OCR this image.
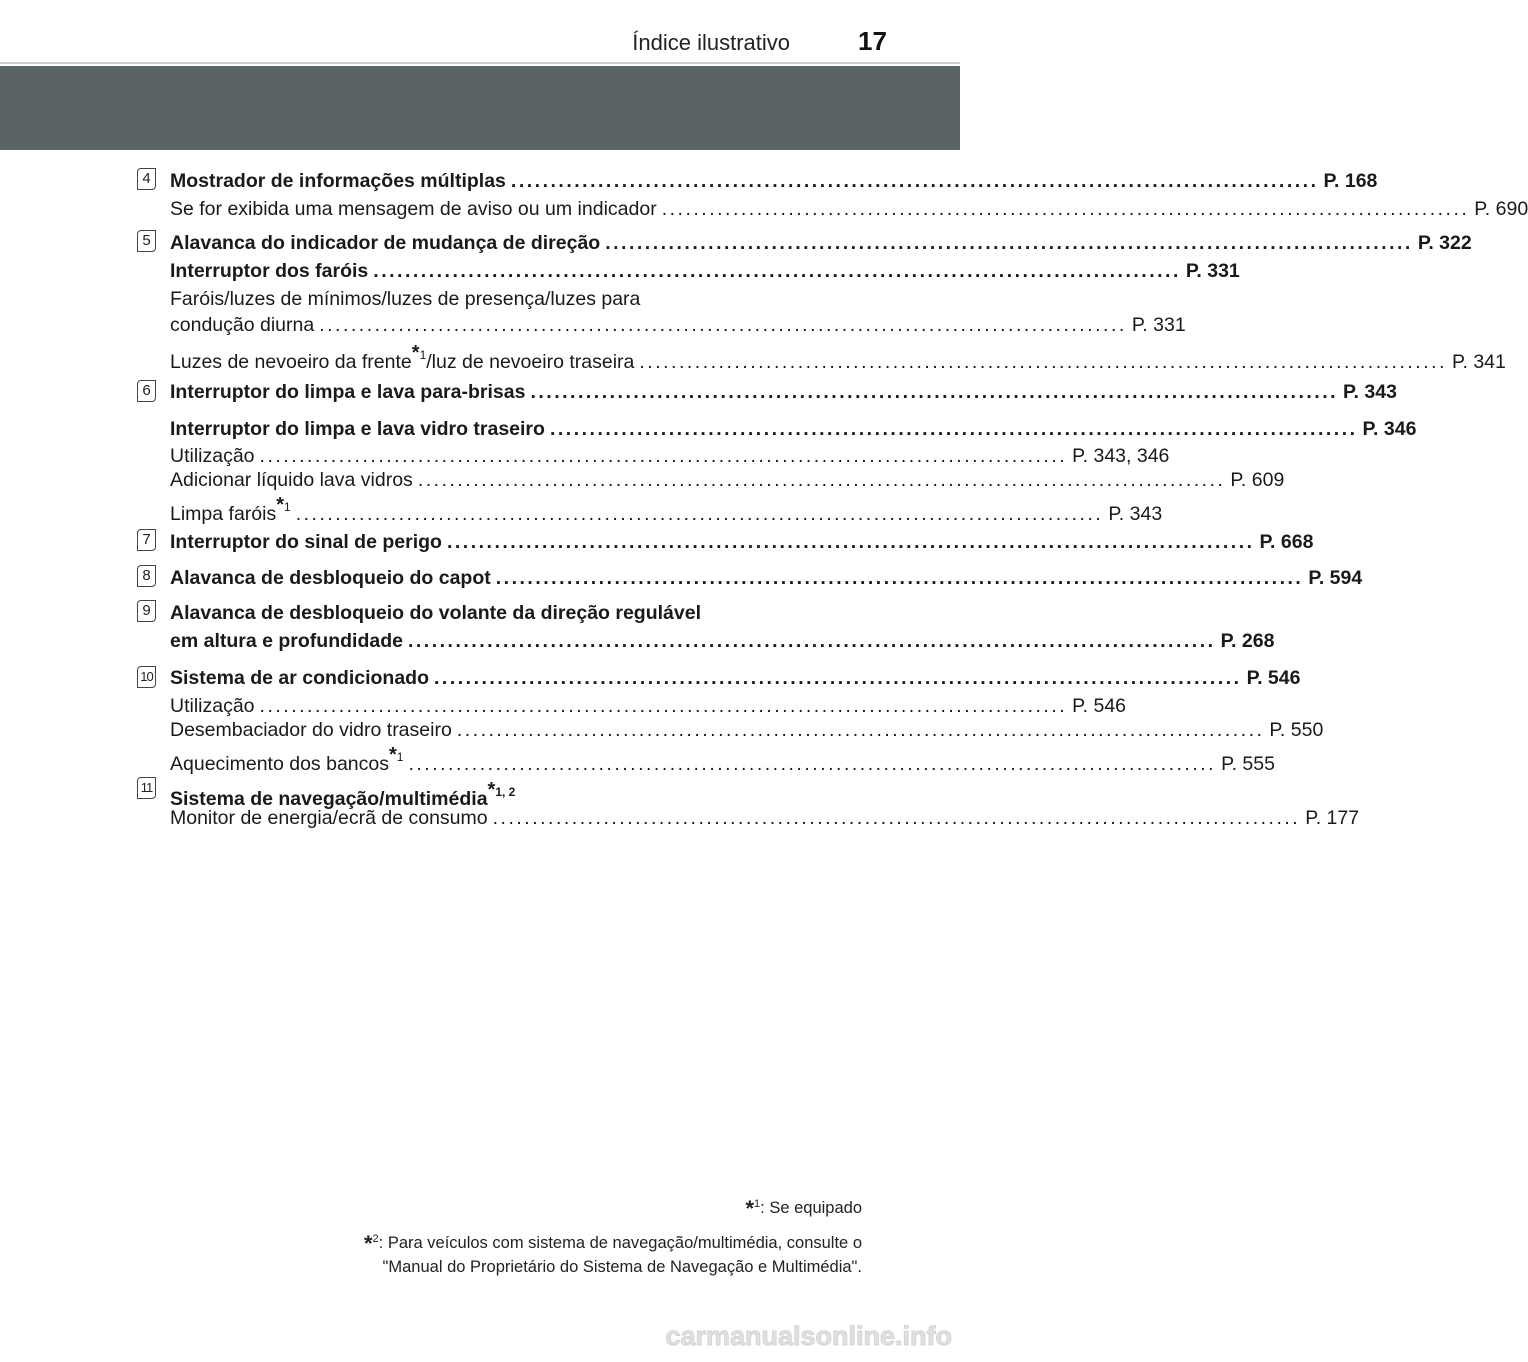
Índice ilustrativo	17
4 Mostrador de informações múltiplas ...................................................................................................... P. 168
Se for exibida uma mensagem de aviso ou um indicador ...................................................................................................... P. 690
5 Alavanca do indicador de mudança de direção ...................................................................................................... P. 322
Interruptor dos faróis ...................................................................................................... P. 331
Faróis/luzes de mínimos/luzes de presença/luzes para
condução diurna ...................................................................................................... P. 331
Luzes de nevoeiro da frente$^{*1}$/luz de nevoeiro traseira ...................................................................................................... P. 341
6 Interruptor do limpa e lava para-brisas ...................................................................................................... P. 343
Interruptor do limpa e lava vidro traseiro ...................................................................................................... P. 346
Utilização ...................................................................................................... P. 343, 346
Adicionar líquido lava vidros ...................................................................................................... P. 609
Limpa faróis$^{*1}$ ...................................................................................................... P. 343
7 Interruptor do sinal de perigo ...................................................................................................... P. 668
8 Alavanca de desbloqueio do capot ...................................................................................................... P. 594
9 Alavanca de desbloqueio do volante da direção regulável
em altura e profundidade ...................................................................................................... P. 268
10 Sistema de ar condicionado ...................................................................................................... P. 546
Utilização ...................................................................................................... P. 546
Desembaciador do vidro traseiro ...................................................................................................... P. 550
Aquecimento dos bancos$^{*1}$ ...................................................................................................... P. 555
11
Sistema de navegação/multimédia$^{*1, 2}$
Monitor de energia/ecrã de consumo ...................................................................................................... P. 177
*$^1$: Se equipado
*$^2$: Para veículos com sistema de navegação/multimédia, consulte o
"Manual do Proprietário do Sistema de Navegação e Multimédia".
carmanualsonline.info
